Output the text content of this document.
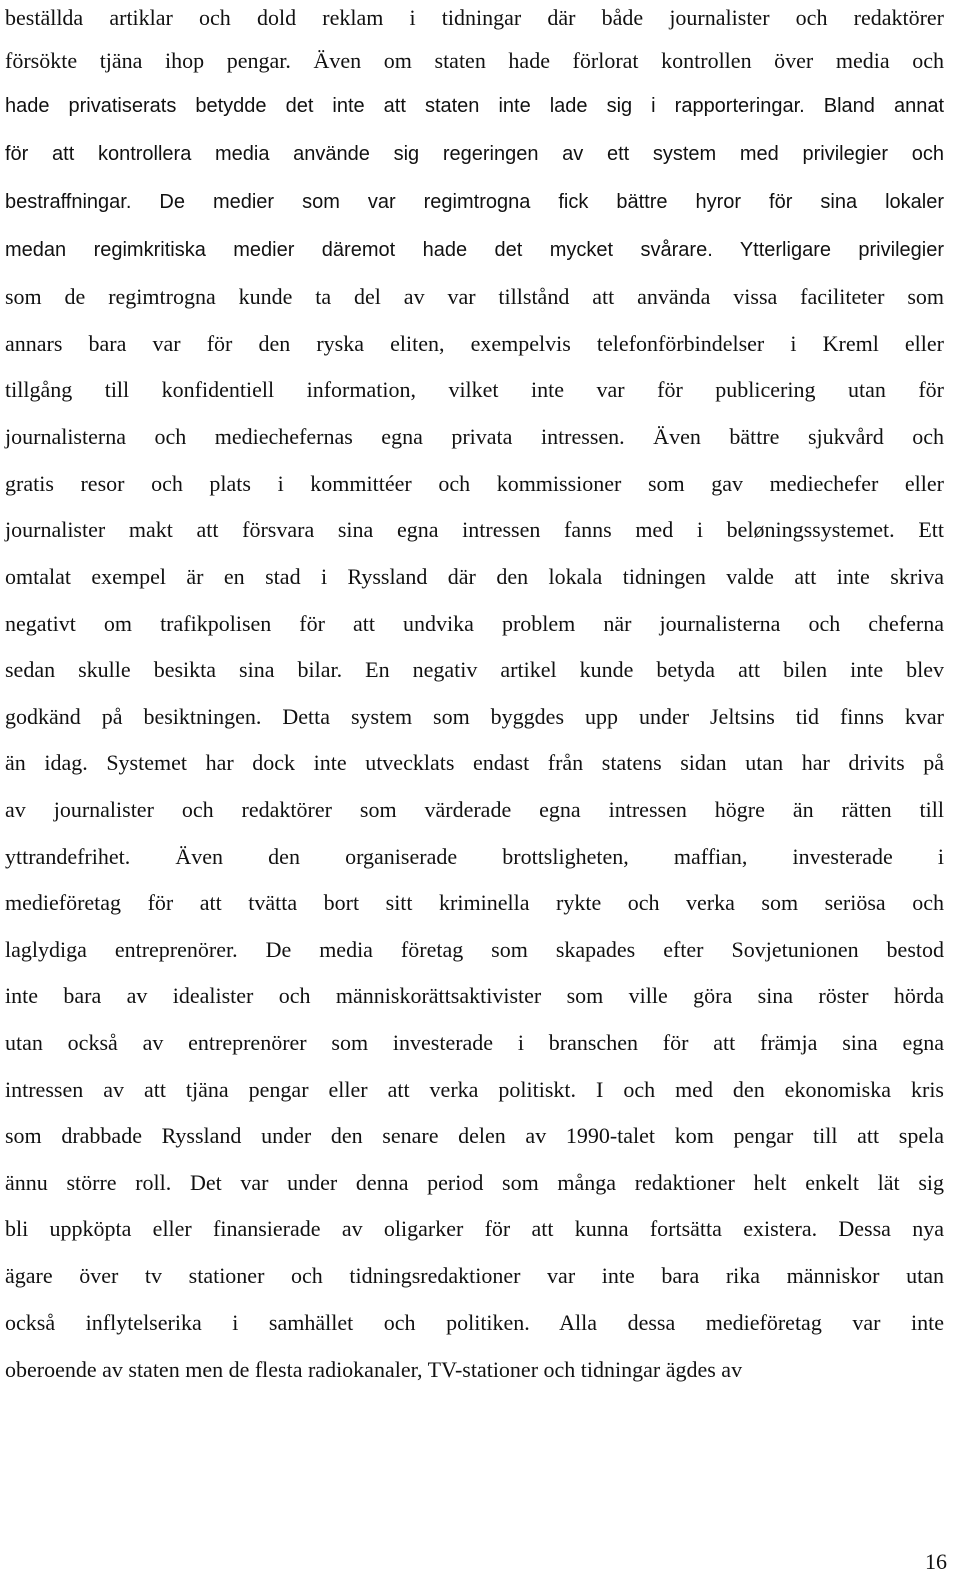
beställda artiklar och dold reklam i tidningar där både journalister och redaktörer
försökte tjäna ihop pengar. Även om staten hade förlorat kontrollen över media och
hade privatiserats betydde det inte att staten inte lade sig i rapporteringar. Bland annat
för att kontrollera media använde sig regeringen av ett system med privilegier och
bestraffningar. De medier som var regimtrogna fick bättre hyror för sina lokaler
medan regimkritiska medier däremot hade det mycket svårare. Ytterligare privilegier
som de regimtrogna kunde ta del av var tillstånd att använda vissa faciliteter som
annars bara var för den ryska eliten, exempelvis telefonförbindelser i Kreml eller
tillgång till konfidentiell information, vilket inte var för publicering utan för
journalisterna och mediechefernas egna privata intressen. Även bättre sjukvård och
gratis resor och plats i kommittéer och kommissioner som gav mediechefer eller
journalister makt att försvara sina egna intressen fanns med i beløningssystemet. Ett
omtalat exempel är en stad i Ryssland där den lokala tidningen valde att inte skriva
negativt om trafikpolisen för att undvika problem när journalisterna och cheferna
sedan skulle besikta sina bilar. En negativ artikel kunde betyda att bilen inte blev
godkänd på besiktningen. Detta system som byggdes upp under Jeltsins tid finns kvar
än idag. Systemet har dock inte utvecklats endast från statens sidan utan har drivits på
av journalister och redaktörer som värderade egna intressen högre än rätten till
yttrandefrihet. Även den organiserade brottsligheten, maffian, investerade i
medieföretag för att tvätta bort sitt kriminella rykte och verka som seriösa och
laglydiga entreprenörer. De media företag som skapades efter Sovjetunionen bestod
inte bara av idealister och människorättsaktivister som ville göra sina röster hörda
utan också av entreprenörer som investerade i branschen för att främja sina egna
intressen av att tjäna pengar eller att verka politiskt. I och med den ekonomiska kris
som drabbade Ryssland under den senare delen av 1990-talet kom pengar till att spela
ännu större roll. Det var under denna period som många redaktioner helt enkelt lät sig
bli uppköpta eller finansierade av oligarker för att kunna fortsätta existera. Dessa nya
ägare över tv stationer och tidningsredaktioner var inte bara rika människor utan
också inflytelserika i samhället och politiken. Alla dessa medieföretag var inte
oberoende av staten men de flesta radiokanaler, TV-stationer och tidningar ägdes av
16
